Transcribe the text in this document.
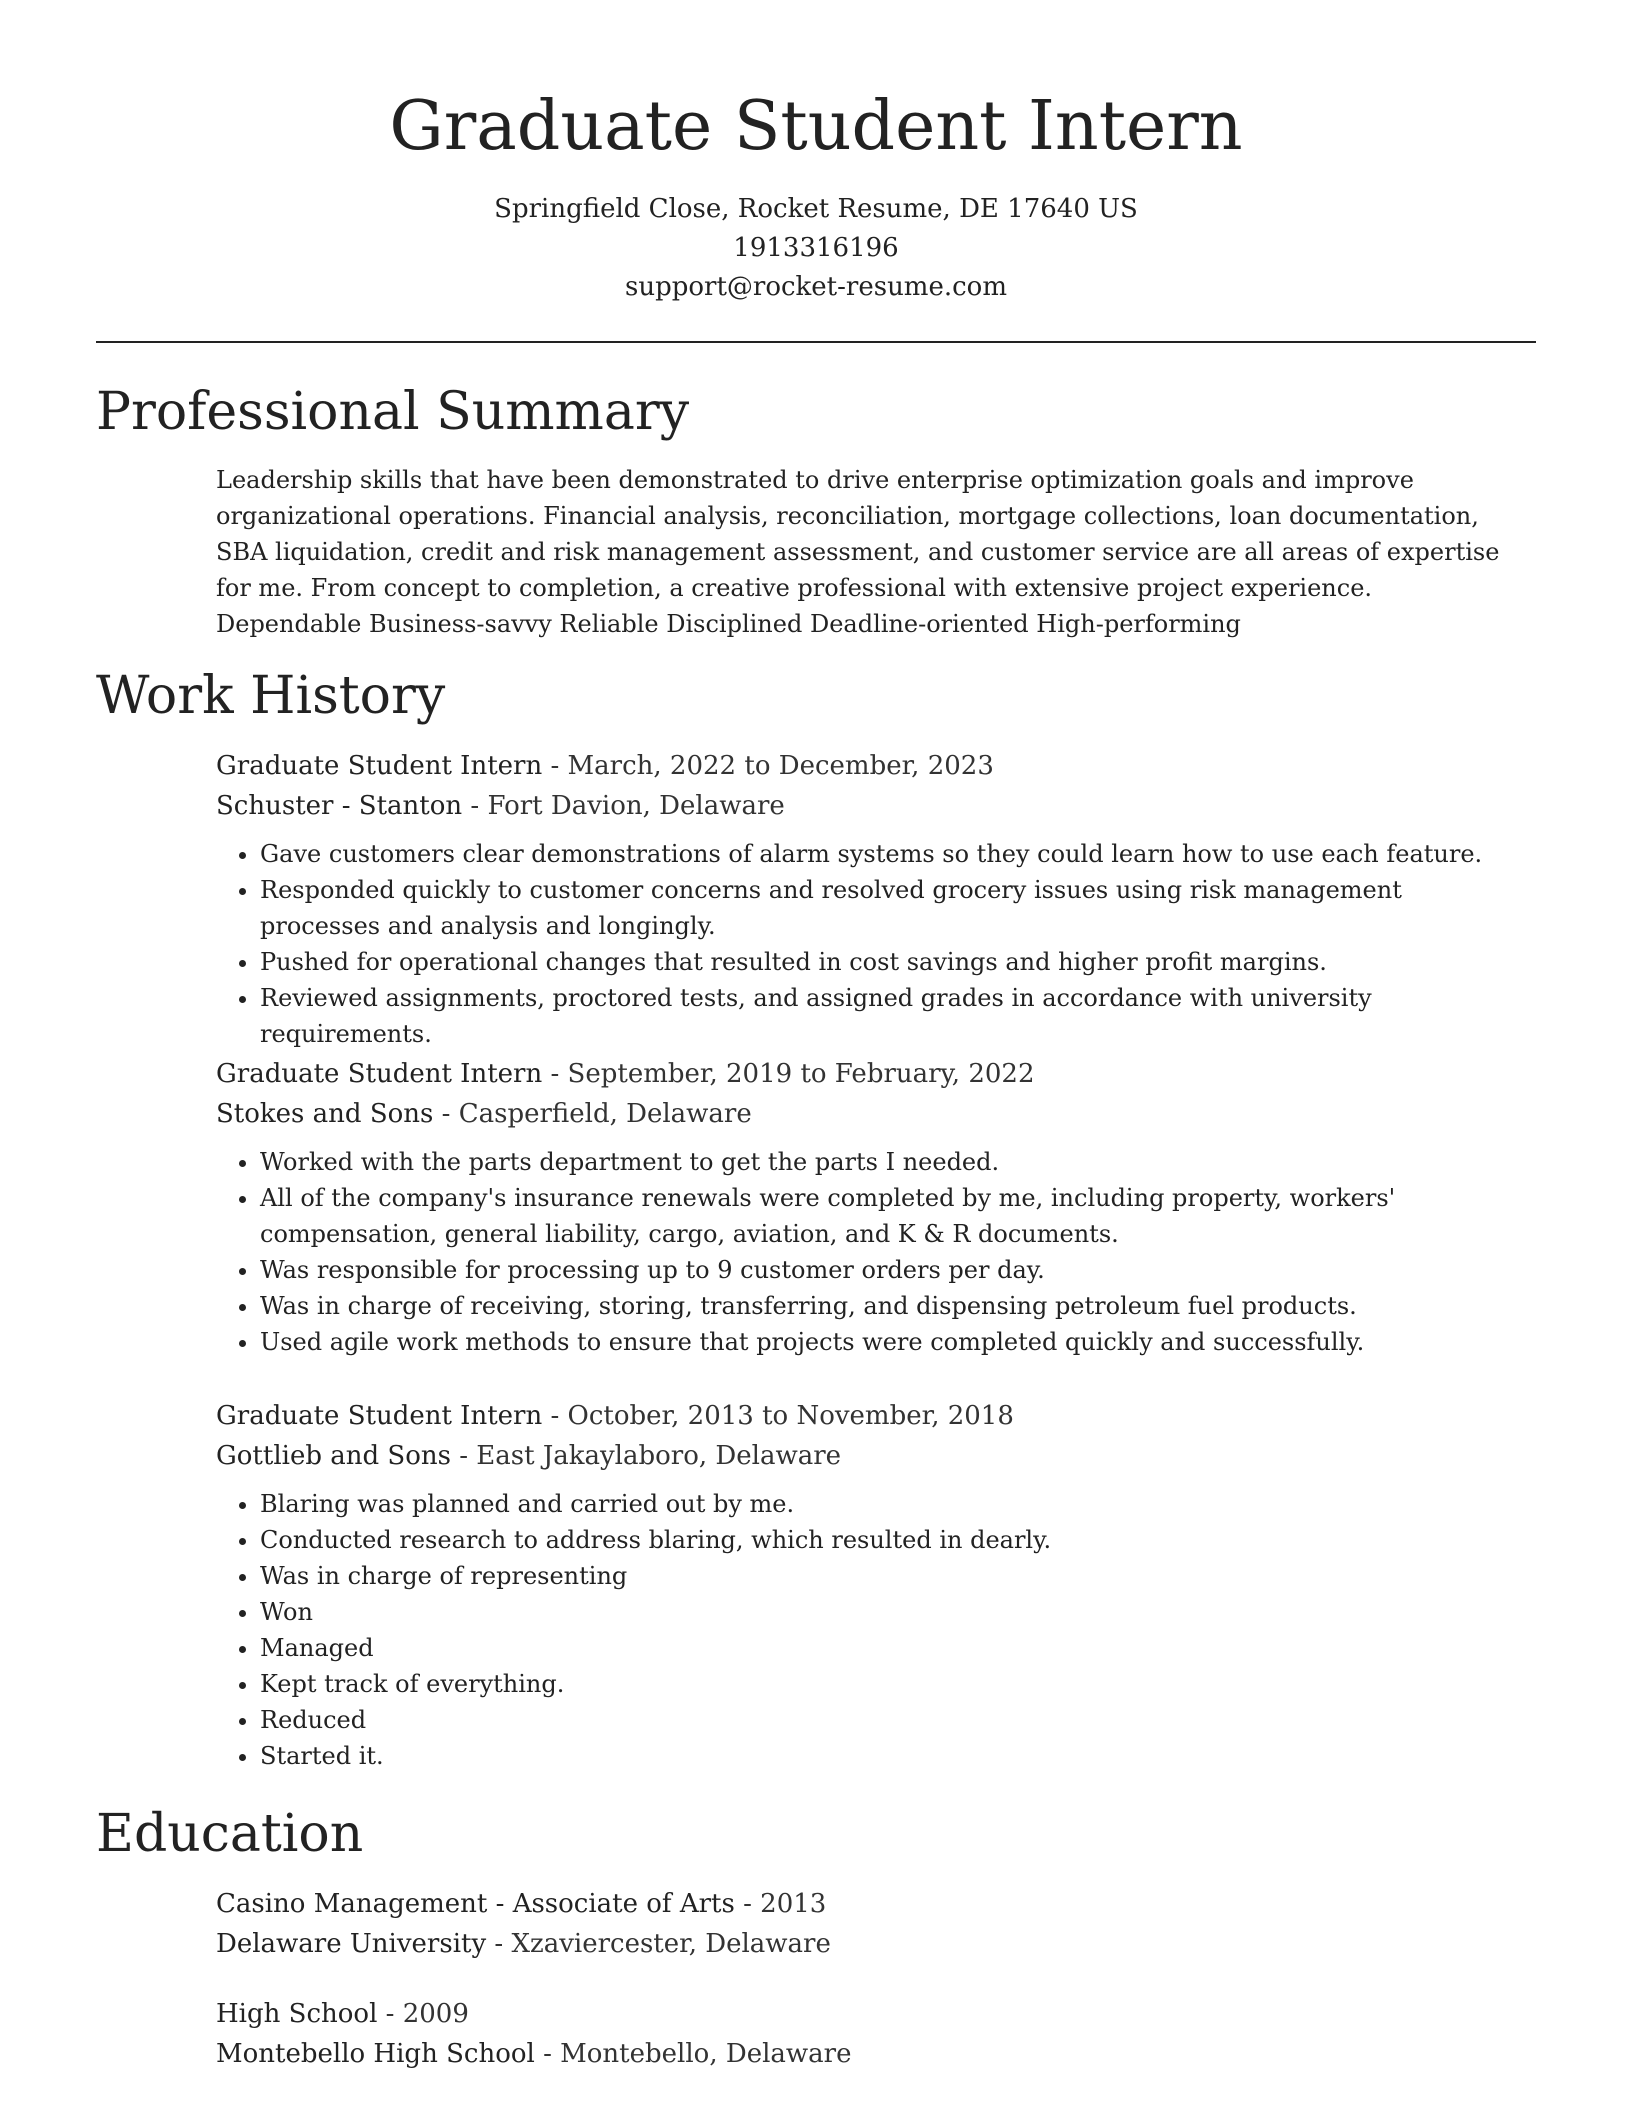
Graduate Student Intern
Springfield Close, Rocket Resume, DE 17640 US
1913316196
support@rocket-resume.com
Professional Summary
Leadership skills that have been demonstrated to drive enterprise optimization goals and improve organizational operations. Financial analysis, reconciliation, mortgage collections, loan documentation, SBA liquidation, credit and risk management assessment, and customer service are all areas of expertise for me. From concept to completion, a creative professional with extensive project experience. Dependable Business-savvy Reliable Disciplined Deadline-oriented High-performing
Work History
Graduate Student Intern - March, 2022 to December, 2023
Schuster - Stanton - Fort Davion, Delaware
• Gave customers clear demonstrations of alarm systems so they could learn how to use each feature.
• Responded quickly to customer concerns and resolved grocery issues using risk management processes and analysis and longingly.
• Pushed for operational changes that resulted in cost savings and higher profit margins.
• Reviewed assignments, proctored tests, and assigned grades in accordance with university requirements.
Graduate Student Intern - September, 2019 to February, 2022
Stokes and Sons - Casperfield, Delaware
• Worked with the parts department to get the parts I needed.
• All of the company's insurance renewals were completed by me, including property, workers' compensation, general liability, cargo, aviation, and K & R documents.
• Was responsible for processing up to 9 customer orders per day.
• Was in charge of receiving, storing, transferring, and dispensing petroleum fuel products.
• Used agile work methods to ensure that projects were completed quickly and successfully.
Graduate Student Intern - October, 2013 to November, 2018
Gottlieb and Sons - East Jakaylaboro, Delaware
• Blaring was planned and carried out by me.
• Conducted research to address blaring, which resulted in dearly.
• Was in charge of representing
• Won
• Managed
• Kept track of everything.
• Reduced
• Started it.
Education
Casino Management - Associate of Arts - 2013
Delaware University - Xzaviercester, Delaware
High School - 2009
Montebello High School - Montebello, Delaware
